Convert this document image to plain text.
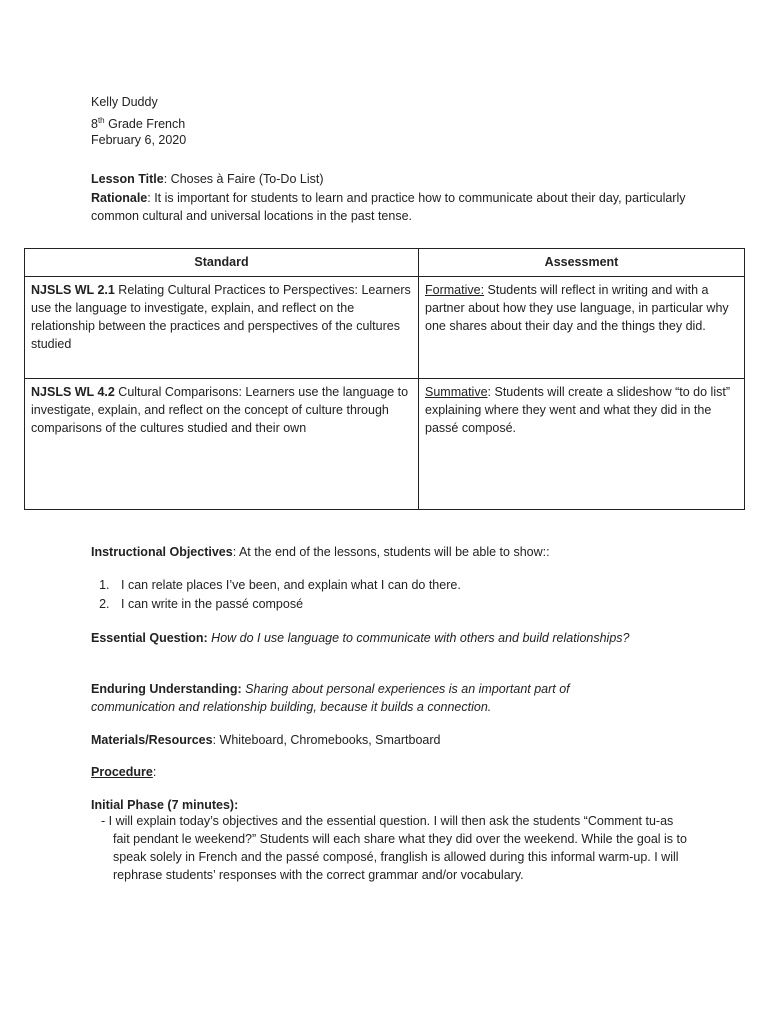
Kelly Duddy
8th Grade French
February 6, 2020
Lesson Title: Choses à Faire (To-Do List)
Rationale: It is important for students to learn and practice how to communicate about their day, particularly common cultural and universal locations in the past tense.
Standard	Assessment
NJSLS WL 2.1 Relating Cultural Practices to Perspectives: Learners use the language to investigate, explain, and reflect on the relationship between the practices and perspectives of the cultures studied	Formative: Students will reflect in writing and with a partner about how they use language, in particular why one shares about their day and the things they did.
NJSLS WL 4.2 Cultural Comparisons: Learners use the language to investigate, explain, and reflect on the concept of culture through comparisons of the cultures studied and their own	Summative: Students will create a slideshow “to do list” explaining where they went and what they did in the passé composé.
Instructional Objectives: At the end of the lessons, students will be able to show::
1. I can relate places I’ve been, and explain what I can do there.
2. I can write in the passé composé
Essential Question: How do I use language to communicate with others and build relationships?
Enduring Understanding: Sharing about personal experiences is an important part of communication and relationship building, because it builds a connection.
Materials/Resources: Whiteboard, Chromebooks, Smartboard
Procedure:
Initial Phase (7 minutes):
- I will explain today’s objectives and the essential question. I will then ask the students “Comment tu-as fait pendant le weekend?” Students will each share what they did over the weekend. While the goal is to speak solely in French and the passé composé, franglish is allowed during this informal warm-up. I will rephrase students’ responses with the correct grammar and/or vocabulary.
